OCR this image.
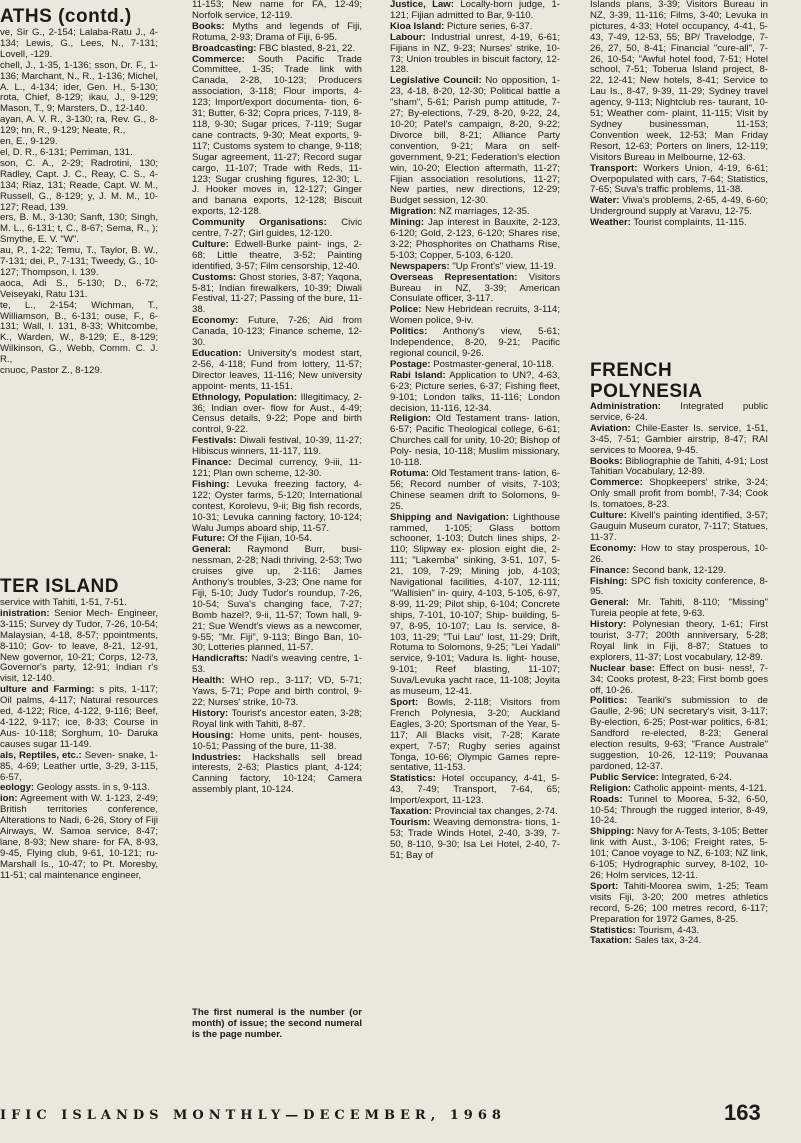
ATHS (contd.)

ve, Sir G., 2-154; Lalaba-Ratu J., 4-134; Lewis, G., Lees, N., 7-131; Lovell, -129.

chell, J., 1-35, 1-136; sson, Dr. F., 1-136; Marchant, N., R., 1-136; Michel, A. L., 4-134; ider, Gen. H., 5-130; rota, Chief, 8-129; ikau, J., 9-129; Mason, T., 9; Marsters, D., 12-140.

ayan, A. V. R., 3-130; ra, Rev. G., 8-129; hn, R., 9-129; Neate, R.,

en, E., 9-129.

el, D. R., 6-131; Perriman, 131.

son, C. A., 2-29; Radrotini, 130; Radley, Capt. J. C., Reay, C. S., 4-134; Riaz, 131; Reade, Capt. W. M., Russell, G., 8-129; y, J. M. M., 10-127; Read, 139.

ers, B. M., 3-130; Sanft, 130; Singh, M. L., 6-131; t, C., 8-67; Sema, R., ); Smythe, E. V. "W".

au, P., 1-22; Temu, T., Taylor, B. W., 7-131; dei, P., 7-131; Tweedy, G., 10-127; Thompson, I. 139.

aoca, Adi S., 5-130; D., 6-72; Veiseyaki, Ratu 131.

te, L., 2-154; Wichman, T., Williamson, B., 6-131; ouse, F., 6-131; Wall, I. 131, 8-33; Whitcombe, K., Warden, W., 8-129; E., 8-129; Wilkinson, G., Webb, Comm. C. J. R.,

cnuoc, Pastor Z., 8-129.

TER ISLAND

service with Tahiti, 1-51, 7-51.

inistration: Senior Mech- Engineer, 3-115; Survey dy Tudor, 7-26, 10-54; Malaysian, 4-18, 8-57; ppointments, 8-110; Gov- to leave, 8-21, 12-91, New governor, 10-21; Corps, 12-73, Governor's party, 12-91; Indian r's visit, 12-140.

ulture and Farming: s pits, 1-117; Oil palms, 4-117; Natural resources ed, 4-122; Rice, 4-122, 9-116; Beef, 4-122, 9-117; ice, 8-33; Course in Aus- 10-118; Sorghum, 10- Daruka causes sugar 11-149.

als, Reptiles, etc.: Seven- snake, 1-85, 4-69; Leather urtle, 3-29, 3-115, 6-57,

eology: Geology assts. in s, 9-113.

ion: Agreement with W. 1-123, 2-49; British territories conference, Alterations to Nadi, 6-26, Story of Fiji Airways, W. Samoa service, 8-47; lane, 8-93; New share- for FA, 8-93, 9-45, Flying club, 9-61, 10-121; ru-Marshall Is., 10-47; to Pt. Moresby, 11-51; cal maintenance engineer,

11-153; New name for FA, 12-49; Norfolk service, 12-119.

Books: Myths and legends of Fiji, Rotuma, 2-93; Drama of Fiji, 6-95.

Broadcasting: FBC blasted, 8-21, 22.

Commerce: South Pacific Trade Committee, 1-35; Trade link with Canada, 2-28, 10-123; Producers association, 3-118; Flour imports, 4-123; Import/export documenta- tion, 6-31; Butter, 6-32; Copra prices, 7-119, 8-118, 9-30; Sugar prices, 7-119; Sugar cane contracts, 9-30; Meat exports, 9-117; Customs system to change, 9-118; Sugar agreement, 11-27; Record sugar cargo, 11-107; Trade with Reds, 11-123; Sugar crushing figures, 12-30; L. J. Hooker moves in, 12-127; Ginger and banana exports, 12-128; Biscuit exports, 12-128.

Community Organisations: Civic centre, 7-27; Girl guides, 12-120.

Culture: Edwell-Burke paint- ings, 2-68; Little theatre, 3-52; Painting identified, 3-57; Film censorship, 12-40.

Customs: Ghost stories, 3-87; Yaqona, 5-81; Indian firewalkers, 10-39; Diwali Festival, 11-27; Passing of the bure, 11-38.

Economy: Future, 7-26; Aid from Canada, 10-123; Finance scheme, 12-30.

Education: University's modest start, 2-56, 4-118; Fund from lottery, 11-57; Director leaves, 11-116; New university appoint- ments, 11-151.

Ethnology, Population: Illegitimacy, 2-36; Indian over- flow for Aust., 4-49; Census details, 9-22; Pope and birth control, 9-22.

Festivals: Diwali festival, 10-39, 11-27; Hibiscus winners, 11-117, 119.

Finance: Decimal currency, 9-iii, 11-121; Plan own scheme, 12-30.

Fishing: Levuka freezing factory, 4-122; Oyster farms, 5-120; International contest, Korolevu, 9-ii; Big fish records, 10-31; Levuka canning factory, 10-124; Walu Jumps aboard ship, 11-57.

Future: Of the Fijian, 10-54.

General: Raymond Burr, busi- nessman, 2-28; Nadi thriving, 2-53; Two cruises give up, 2-116; James Anthony's troubles, 3-23; One name for Fiji, 5-10; Judy Tudor's roundup, 7-26, 10-54; Suva's changing face, 7-27; Bomb hazel?, 9-ii, 11-57; Town hall, 9-21; Sue Wendt's views as a newcomer, 9-55; "Mr. Fiji", 9-113; Bingo Ban, 10-30; Lotteries planned, 11-57.

Handicrafts: Nadi's weaving centre, 1-53.

Health: WHO rep., 3-117; VD, 5-71; Yaws, 5-71; Pope and birth control, 9-22; Nurses' strike, 10-73.

History: Tourist's ancestor eaten, 3-28; Royal link with Tahiti, 8-87.

Housing: Home units, pent- houses, 10-51; Passing of the bure, 11-38.

Industries: Hackshalls sell bread interests, 2-63; Plastics plant, 4-124; Canning factory, 10-124; Camera assembly plant, 10-124.

The first numeral is the number (or month) of issue; the second numeral is the page number.

Justice, Law: Locally-born judge, 1-121; Fijian admitted to Bar, 9-110.

Kioa Island: Picture series, 6-37.

Labour: Industrial unrest, 4-19, 6-61; Fijians in NZ, 9-23; Nurses' strike, 10-73; Union troubles in biscuit factory, 12-128.

Legislative Council: No opposition, 1-23, 4-18, 8-20, 12-30; Political battle a "sham", 5-61; Parish pump attitude, 7-27; By-elections, 7-29, 8-20, 9-22, 24, 10-20; Patel's campaign, 8-20, 9-22; Divorce bill, 8-21; Alliance Party convention, 9-21; Mara on self-government, 9-21; Federation's election win, 10-20; Election aftermath, 11-27; Fijian association resolutions, 11-27; New parties, new directions, 12-29; Budget session, 12-30.

Migration: NZ marriages, 12-35.

Mining: Jap interest in Bauxite, 2-123, 6-120; Gold, 2-123, 6-120; Shares rise, 3-22; Phosphorites on Chathams Rise, 5-103; Copper, 5-103, 6-120.

Newspapers: "Up Front's" view, 11-19.

Overseas Representation: Visitors Bureau in NZ, 3-39; American Consulate officer, 3-117.

Police: New Hebridean recruits, 3-114; Women police, 9-iv.

Politics: Anthony's view, 5-61; Independence, 8-20, 9-21; Pacific regional council, 9-26.

Postage: Postmaster-general, 10-118.

Rabi Island: Application to UN?, 4-63, 6-23; Picture series, 6-37; Fishing fleet, 9-101; London talks, 11-116; London decision, 11-116, 12-34.

Religion: Old Testament trans- lation, 6-57; Pacific Theological college, 6-61; Churches call for unity, 10-20; Bishop of Poly- nesia, 10-118; Muslim missionary, 10-118.

Rotuma: Old Testament trans- lation, 6-56; Record number of visits, 7-103; Chinese seamen drift to Solomons, 9-25.

Shipping and Navigation: Lighthouse rammed, 1-105; Glass bottom schooner, 1-103; Dutch lines ships, 2-110; Slipway ex- plosion eight die, 2-111; "Lakemba" sinking, 3-51, 107, 5-21, 109, 7-29; Mining job, 4-103; Navigational facilities, 4-107, 12-111; "Wallisien" in- quiry, 4-103, 5-105, 6-97, 8-99, 11-29; Pilot ship, 6-104; Concrete ships, 7-101, 10-107; Ship- building, 5-97, 8-95, 10-107; Lau Is. service, 8-103, 11-29; "Tui Lau" lost, 11-29; Drift, Rotuma to Solomons, 9-25; "Lei Yadali" service, 9-101; Vadura Is. light- house, 9-101; Reef blasting, 11-107; Suva/Levuka yacht race, 11-108; Joyita as museum, 12-41.

Sport: Bowls, 2-118; Visitors from French Polynesia, 3-20; Auckland Eagles, 3-20; Sportsman of the Year, 5-117; All Blacks visit, 7-28; Karate expert, 7-57; Rugby series against Tonga, 10-66; Olympic Games repre- sentative, 11-153.

Statistics: Hotel occupancy, 4-41, 5-43, 7-49; Transport, 7-64, 65; Import/export, 11-123.

Taxation: Provincial tax changes, 2-74.

Tourism: Weaving demonstra- tions, 1-53; Trade Winds Hotel, 2-40, 3-39, 7-50, 8-110, 9-30; Isa Lei Hotel, 2-40, 7-51; Bay of

Islands plans, 3-39; Visitors Bureau in NZ, 3-39, 11-116; Films, 3-40; Levuka in pictures, 4-33; Hotel occupancy, 4-41, 5-43, 7-49, 12-53, 55; BP/ Travelodge, 7-26, 27, 50, 8-41; Financial "cure-all", 7-26, 10-54; "Awful hotel food, 7-51; Hotel school, 7-51; Toberua Island project, 8-22, 12-41; New hotels, 8-41; Service to Lau Is., 8-47, 9-39, 11-29; Sydney travel agency, 9-113; Nightclub res- taurant, 10-51; Weather com- plaint, 11-115; Visit by Sydney businessman, 11-153; Convention week, 12-53; Man Friday Resort, 12-63; Porters on liners, 12-119; Visitors Bureau in Melbourne, 12-63.

Transport: Workers Union, 4-19, 6-61; Overpopulated with cars, 7-64; Statistics, 7-65; Suva's traffic problems, 11-38.

Water: Viwa's problems, 2-65, 4-49, 6-60; Underground supply at Varavu, 12-75.

Weather: Tourist complaints, 11-115.

FRENCH
POLYNESIA

Administration: Integrated public service, 6-24.

Aviation: Chile-Easter Is. service, 1-51, 3-45, 7-51; Gambier airstrip, 8-47; RAI services to Moorea, 9-45.

Books: Bibliographie de Tahiti, 4-91; Lost Tahitian Vocabulary, 12-89.

Commerce: Shopkeepers' strike, 3-24; Only small profit from bomb!, 7-34; Cook Is. tomatoes, 8-23.

Culture: Kivell's painting identified, 3-57; Gauguin Museum curator, 7-117; Statues, 11-37.

Economy: How to stay prosperous, 10-26.

Finance: Second bank, 12-129.

Fishing: SPC fish toxicity conference, 8-95.

General: Mr. Tahiti, 8-110; "Missing" Tureia people at fete, 9-63.

History: Polynesian theory, 1-61; First tourist, 3-77; 200th anniversary, 5-28; Royal link in Fiji, 8-87; Statues to explorers, 11-37; Lost vocabulary, 12-89.

Nuclear base: Effect on busi- ness!, 7-34; Cooks protest, 8-23; First bomb goes off, 10-26.

Politics: Teariki's submission to de Gaulle, 2-96; UN secretary's visit, 3-117; By-election, 6-25; Post-war politics, 6-81; Sandford re-elected, 8-23; General election results, 9-63; "France Australe" suggestion, 10-26, 12-119; Pouvanaa pardoned, 12-37.

Public Service: Integrated, 6-24.

Religion: Catholic appoint- ments, 4-121.

Roads: Tunnel to Moorea, 5-32, 6-50, 10-54; Through the rugged interior, 8-49, 10-24.

Shipping: Navy for A-Tests, 3-105; Better link with Aust., 3-106; Freight rates, 5-101; Canoe voyage to NZ, 6-103; NZ link, 6-105; Hydrographic survey, 8-102, 10-26; Holm services, 12-11.

Sport: Tahiti-Moorea swim, 1-25; Team visits Fiji, 3-20; 200 metres athletics record, 5-26; 100 metres record, 6-117; Preparation for 1972 Games, 8-25.

Statistics: Tourism, 4-43.

Taxation: Sales tax, 3-24.

IFIC ISLANDS MONTHLY—DECEMBER, 1968	163
